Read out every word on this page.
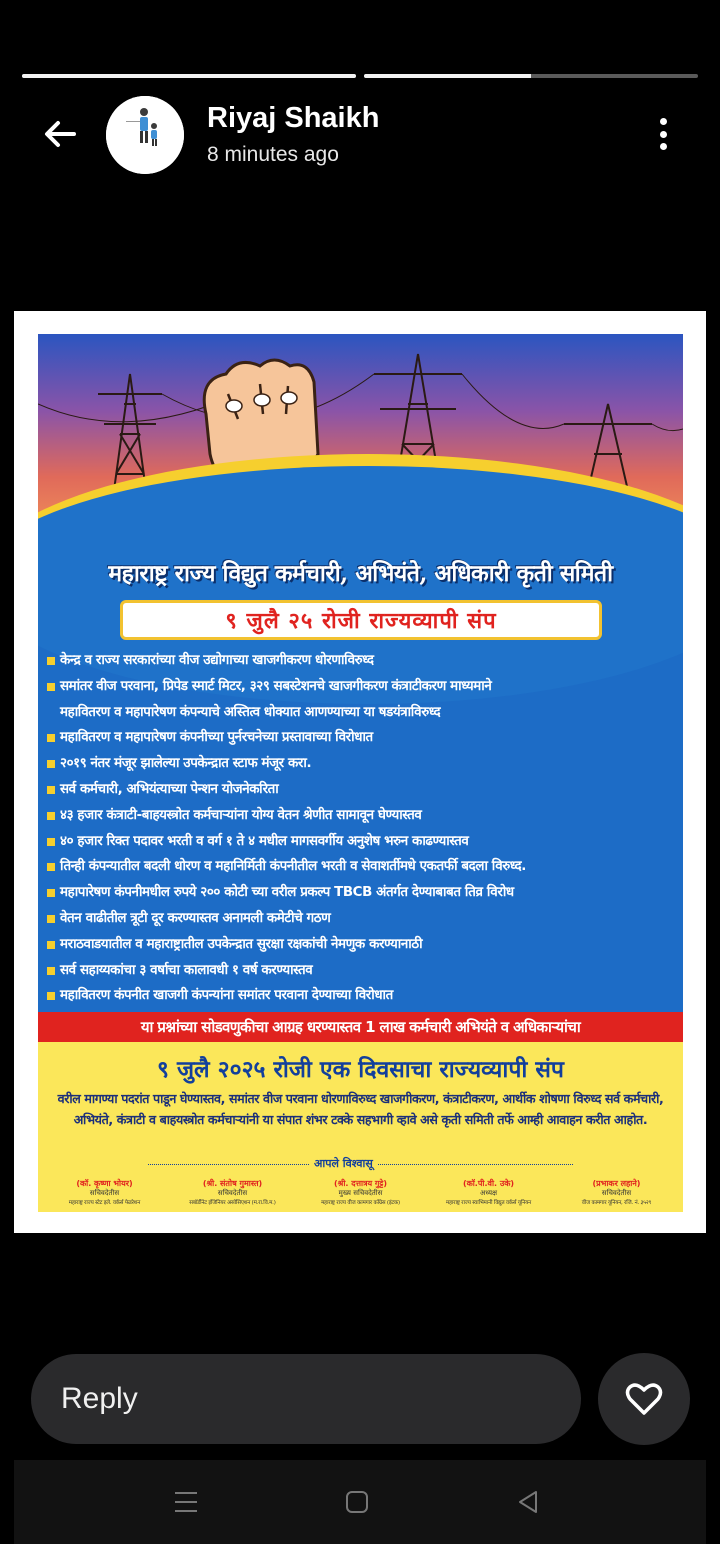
Riyaj Shaikh
8 minutes ago
महाराष्ट्र राज्य विद्युत कर्मचारी, अभियंते, अधिकारी कृती समिती
९ जुलै २५ रोजी राज्यव्यापी संप
केन्द्र व राज्य सरकारांच्या वीज उद्योगाच्या खाजगीकरण धोरणाविरुध्द
समांतर वीज परवाना, प्रिपेड स्मार्ट मिटर, ३२९ सबस्टेशनचे खाजगीकरण कंत्राटीकरण माध्यमाने
महावितरण व महापारेषण कंपन्याचे अस्तित्व धोक्यात आणण्याच्या या षडयंत्राविरुध्द
महावितरण व महापारेषण कंपनीच्या पुर्नरचनेच्या प्रस्तावाच्या विरोधात
२०१९ नंतर मंजूर झालेल्या उपकेन्द्रात स्टाफ मंजूर करा.
सर्व कर्मचारी, अभियंत्याच्या पेन्शन योजनेकरिता
४३ हजार कंत्राटी-बाहयस्त्रोत कर्मचाऱ्यांना योग्य वेतन श्रेणीत सामावून घेण्यास्तव
४० हजार रिक्त पदावर भरती व वर्ग १ ते ४ मधील मागसवर्गीय अनुशेष भरुन काढण्यास्तव
तिन्ही कंपन्यातील बदली धोरण व महानिर्मिती कंपनीतील भरती व सेवाशर्तीमधे एकतर्फी बदला विरुध्द.
महापारेषण कंपनीमधील रुपये २०० कोटी च्या वरील प्रकल्प TBCB अंतर्गत देण्याबाबत तिव्र विरोध
वेतन वाढीतील त्रूटी दूर करण्यास्तव अनामली कमेटीचे गठण
मराठवाडयातील व महाराष्ट्रातील उपकेन्द्रात सुरक्षा रक्षकांची नेमणुक करण्यानाठी
सर्व सहाय्यकांचा ३ वर्षाचा कालावधी १ वर्ष करण्यास्तव
महावितरण कंपनीत खाजगी कंपन्यांना समांतर परवाना देण्याच्या विरोधात
या प्रश्नांच्या सोडवणुकीचा आग्रह धरण्यास्तव 1 लाख कर्मचारी अभियंते व अधिकाऱ्यांचा
९ जुलै २०२५ रोजी एक दिवसाचा राज्यव्यापी संप
वरील मागण्या पदरांत पाडून घेण्यास्तव, समांतर वीज परवाना धोरणाविरुध्द खाजगीकरण, कंत्राटीकरण, आर्थीक शोषणा विरुध्द सर्व कर्मचारी, अभियंते, कंत्राटी व बाहयस्त्रोत कर्मचाऱ्यांनी या संपात शंभर टक्के सहभागी व्हावे असे कृती समिती तर्फे आम्ही आवाहन करीत आहोत.
आपले विश्वासू
(कॉ. कृष्णा भोयर)
सचिवदेतीस
महाराष्ट्र राज्य स्टेट इले. वर्कर्स फेडरेशन
(श्री. संतोष गुमास्त)
सचिवदेतीस
सबॉर्डीनेट इंजिनियर असोसिएशन (म.रा.वि.म.)
(श्री. दत्तात्रय गुट्टे)
मुख्य सचिवदेतीस
महाराष्ट्र राज्य वीज कामगार कॉंग्रेस (इंटक)
(कॉ.पी.वी. उके)
अध्यक्ष
महाराष्ट्र राज्य स्वाभिमानी विद्युत वर्कर्स यूनियन
(प्रभाकर लहाने)
सचिवदेतीस
वीज कामगार यूनियन, रजि. नं. ३५२९
Reply
